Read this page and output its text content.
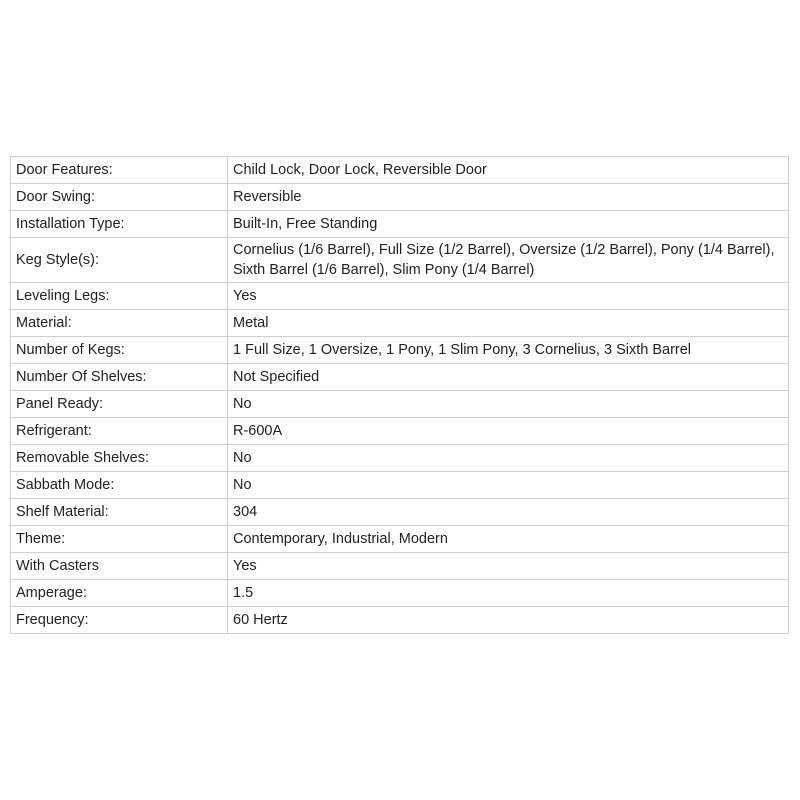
Door Features:	Child Lock, Door Lock, Reversible Door
Door Swing:	Reversible
Installation Type:	Built-In, Free Standing
Keg Style(s):	Cornelius (1/6 Barrel), Full Size (1/2 Barrel), Oversize (1/2 Barrel), Pony (1/4 Barrel), Sixth Barrel (1/6 Barrel), Slim Pony (1/4 Barrel)
Leveling Legs:	Yes
Material:	Metal
Number of Kegs:	1 Full Size, 1 Oversize, 1 Pony, 1 Slim Pony, 3 Cornelius, 3 Sixth Barrel
Number Of Shelves:	Not Specified
Panel Ready:	No
Refrigerant:	R-600A
Removable Shelves:	No
Sabbath Mode:	No
Shelf Material:	304
Theme:	Contemporary, Industrial, Modern
With Casters	Yes
Amperage:	1.5
Frequency:	60 Hertz
